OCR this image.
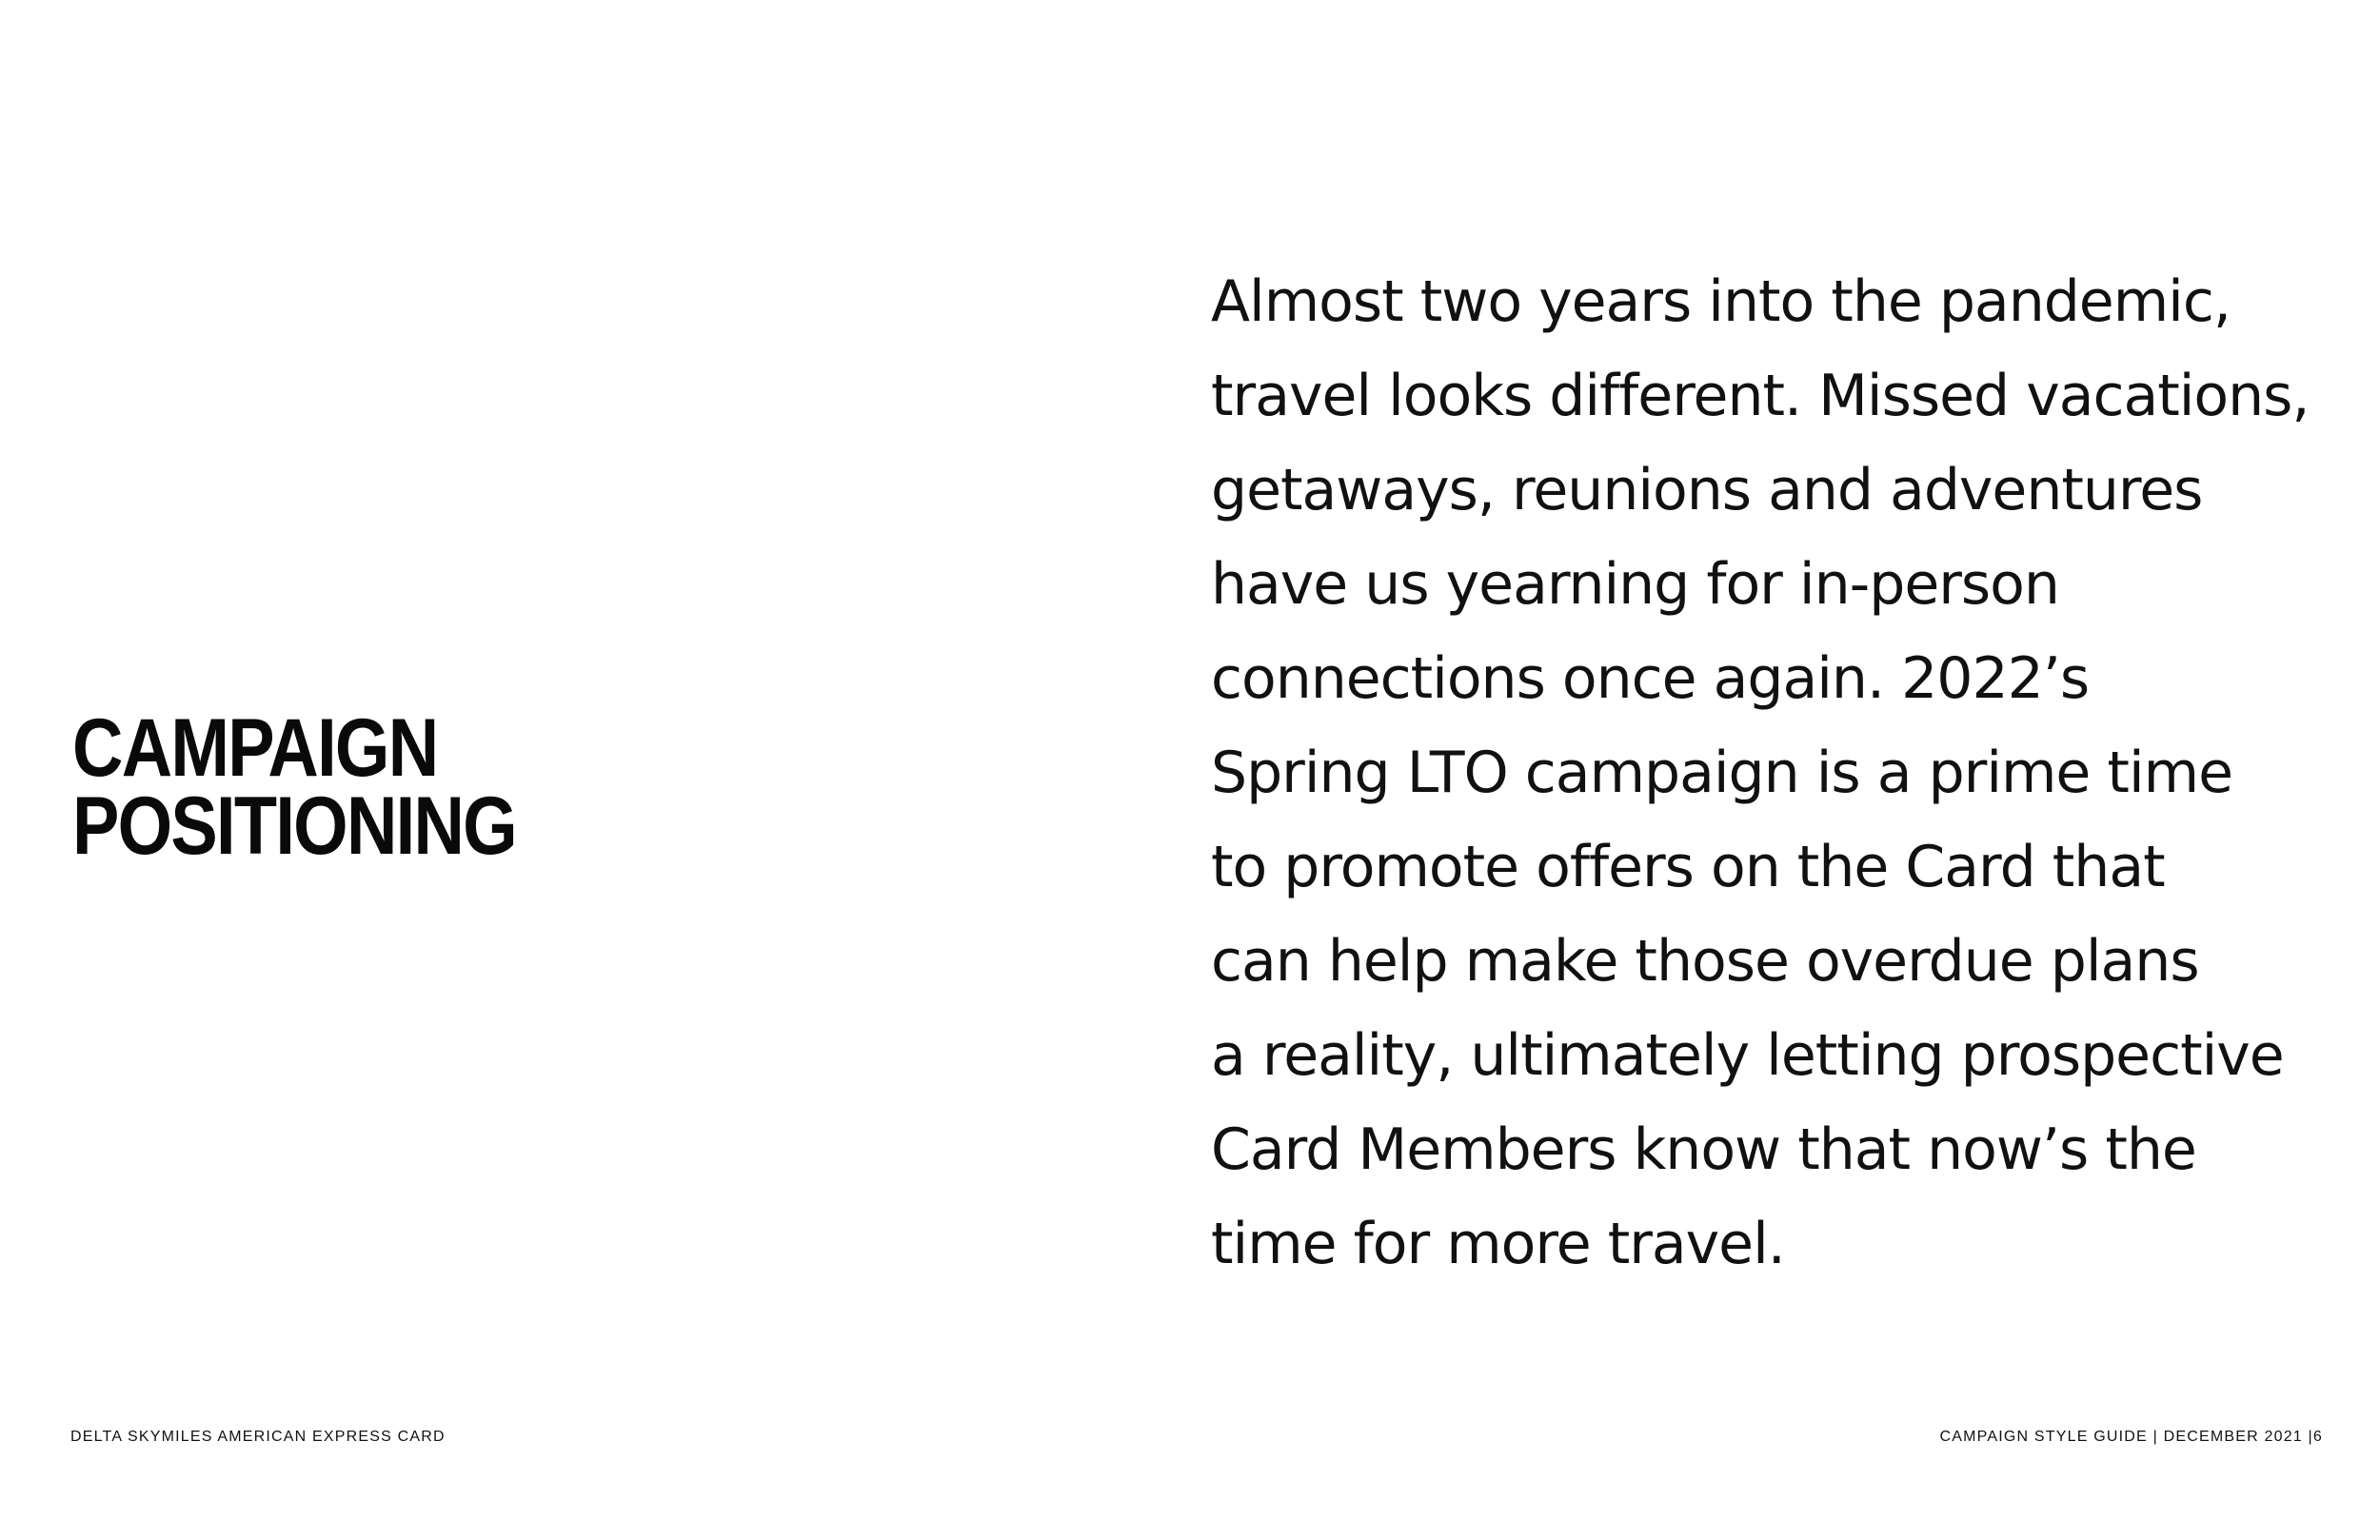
CAMPAIGN
POSITIONING
Almost two years into the pandemic,
travel looks different. Missed vacations,
getaways, reunions and adventures
have us yearning for in-person
connections once again. 2022’s
Spring LTO campaign is a prime time
to promote offers on the Card that
can help make those overdue plans
a reality, ultimately letting prospective
Card Members know that now’s the
time for more travel.
DELTA SKYMILES AMERICAN EXPRESS CARD	CAMPAIGN STYLE GUIDE | DECEMBER 2021 |6
